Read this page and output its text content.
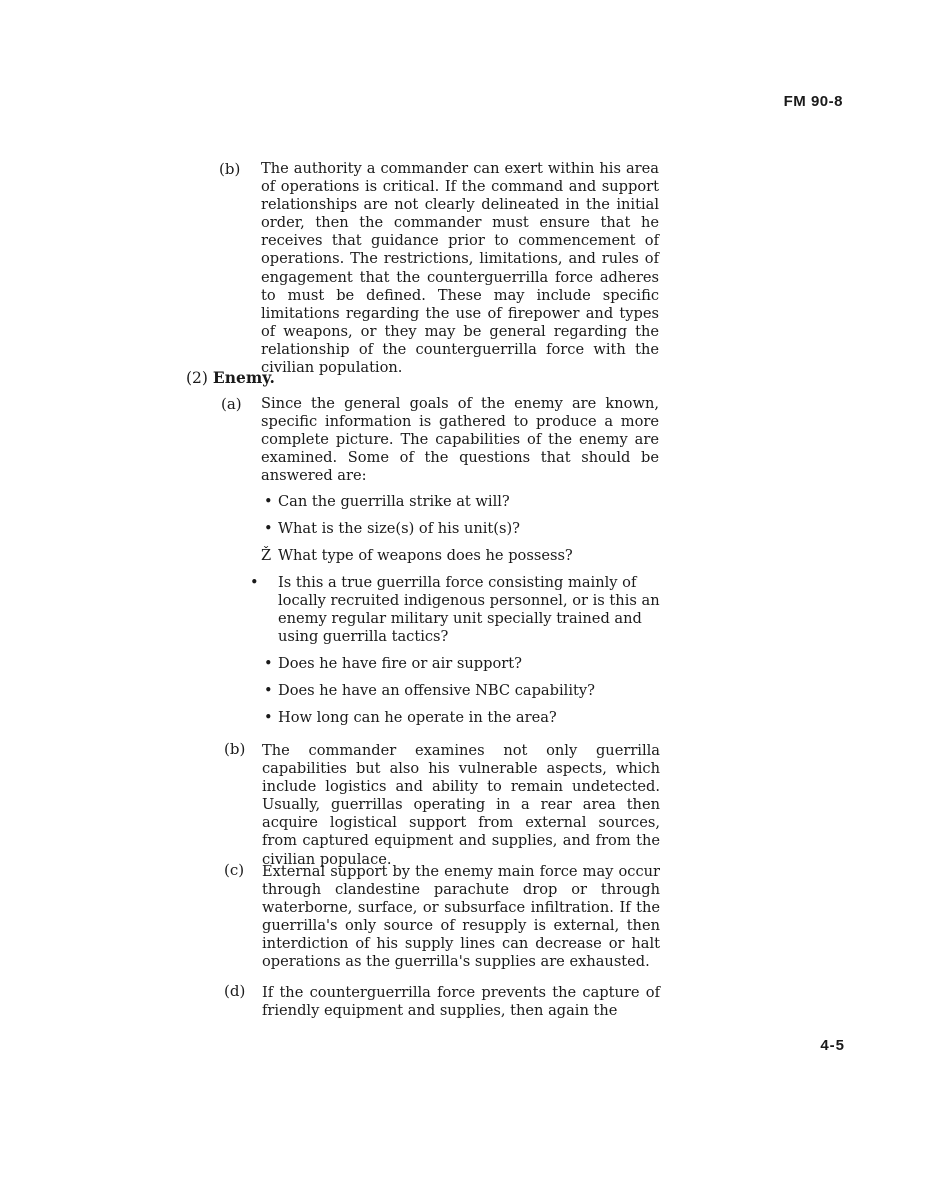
FM 90-8
(b) The authority a commander can exert within his area of operations is critical. If the command and support relationships are not clearly delineated in the initial order, then the commander must ensure that he receives that guidance prior to commencement of operations. The restrictions, limitations, and rules of engagement that the counterguerrilla force adheres to must be defined. These may include specific limitations regarding the use of firepower and types of weapons, or they may be general regarding the relationship of the counterguerrilla force with the civilian population.
(2) Enemy.
(a) Since the general goals of the enemy are known, specific information is gathered to produce a more complete picture. The capabilities of the enemy are examined. Some of the questions that should be answered are:
• Can the guerrilla strike at will?
• What is the size(s) of his unit(s)?
Ž What type of weapons does he possess?
• Is this a true guerrilla force consisting mainly of locally recruited indigenous personnel, or is this an enemy regular military unit specially trained and using guerrilla tactics?
• Does he have fire or air support?
• Does he have an offensive NBC capability?
• How long can he operate in the area?
(b) The commander examines not only guerrilla capabilities but also his vulnerable aspects, which include logistics and ability to remain undetected. Usually, guerrillas operating in a rear area then acquire logistical support from external sources, from captured equipment and supplies, and from the civilian populace.
(c) External support by the enemy main force may occur through clandestine parachute drop or through waterborne, surface, or subsurface infiltration. If the guerrilla's only source of resupply is external, then interdiction of his supply lines can decrease or halt operations as the guerrilla's supplies are exhausted.
(d) If the counterguerrilla force prevents the capture of friendly equipment and supplies, then again the
4-5
